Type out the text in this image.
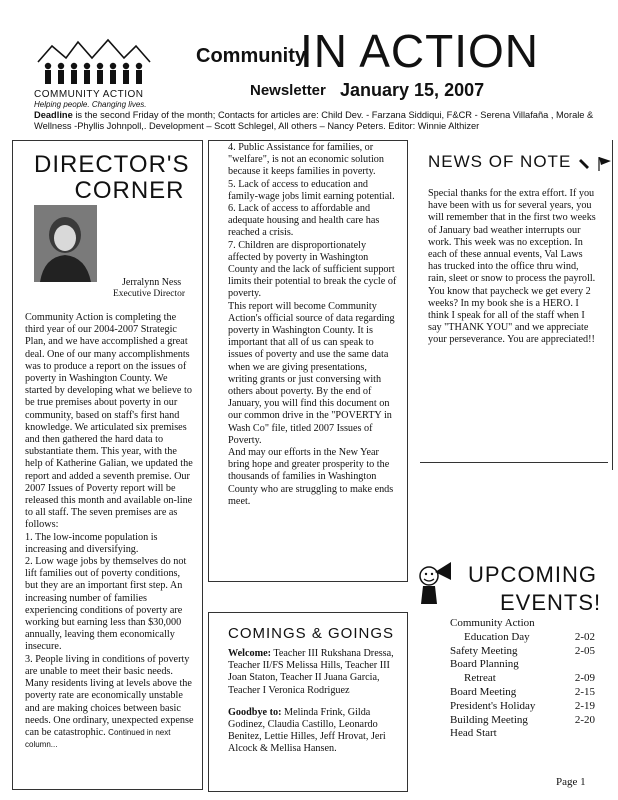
COMMUNITY ACTION
Helping people. Changing lives.
Community
IN ACTION
Newsletter January 15, 2007
Deadline is the second Friday of the month; Contacts for articles are: Child Dev. - Farzana Siddiqui, F&CR - Serena Villafaña , Morale & Wellness -Phyllis Johnpoll,. Development – Scott Schlegel, All others – Nancy Peters. Editor: Winnie Althizer
DIRECTOR'S
CORNER
Jerralynn Ness
Executive Director

Community Action is completing the third year of our 2004-2007 Strategic Plan, and we have accomplished a great deal. One of our many accomplishments was to produce a report on the issues of poverty in Washington County. We started by developing what we believe to be true premises about poverty in our community, based on staff's first hand knowledge. We articulated six premises and then gathered the hard data to substantiate them. This year, with the help of Katherine Galian, we updated the report and added a seventh premise. Our 2007 Issues of Poverty report will be released this month and available on-line to all staff. The seven premises are as follows:

1. The low-income population is increasing and diversifying.

2. Low wage jobs by themselves do not lift families out of poverty conditions, but they are an important first step. An increasing number of families experiencing conditions of poverty are working but earning less than $30,000 annually, leaving them economically insecure.

3. People living in conditions of poverty are unable to meet their basic needs. Many residents living at levels above the poverty rate are economically unstable and are making choices between basic needs. One ordinary, unexpected expense can be catastrophic. Continued in next column...

4. Public Assistance for families, or "welfare", is not an economic solution because it keeps families in poverty.

5. Lack of access to education and family-wage jobs limit earning potential.

6. Lack of access to affordable and adequate housing and health care has reached a crisis.

7. Children are disproportionately affected by poverty in Washington County and the lack of sufficient support limits their potential to break the cycle of poverty.

This report will become Community Action's official source of data regarding poverty in Washington County. It is important that all of us can speak to issues of poverty and use the same data when we are giving presentations, writing grants or just conversing with others about poverty. By the end of January, you will find this document on our common drive in the "POVERTY in Wash Co" file, titled 2007 Issues of Poverty.

And may our efforts in the New Year bring hope and greater prosperity to the thousands of families in Washington County who are struggling to make ends meet.

NEWS OF NOTE
Special thanks for the extra effort. If you have been with us for several years, you will remember that in the first two weeks of January bad weather interrupts our work. This week was no exception. In each of these annual events, Val Laws has trucked into the office thru wind, rain, sleet or snow to process the payroll. You know that paycheck we get every 2 weeks? In my book she is a HERO. I think I speak for all of the staff when I say "THANK YOU" and we appreciate your perseverance. You are appreciated!!
COMINGS & GOINGS

Welcome: Teacher III Rukshana Dressa, Teacher II/FS Melissa Hills, Teacher III Joan Staton, Teacher II Juana Garcia, Teacher I Veronica Rodriguez

Goodbye to: Melinda Frink, Gilda Godinez, Claudia Castillo, Leonardo Benitez, Lettie Hilles, Jeff Hrovat, Jeri Alcock & Mellisa Hansen.

UPCOMING
EVENTS!
Community Action
Education Day	2-02
Safety Meeting	2-05
Board Planning
Retreat	2-09
Board Meeting	2-15
President's Holiday	2-19
Building Meeting	2-20
Head Start
Page 1
